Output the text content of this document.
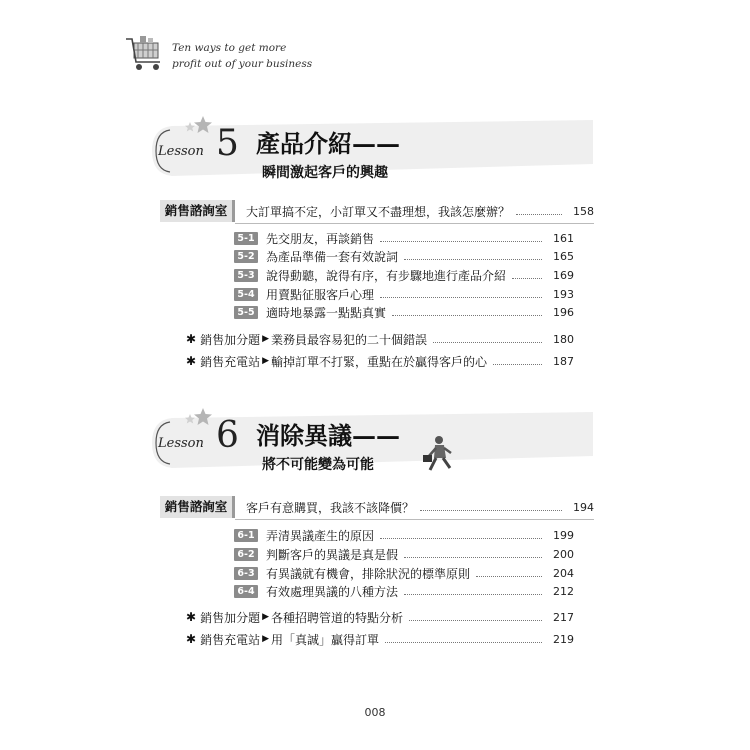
Ten ways to get more
profit out of your business
Lesson 5 產品介紹——
瞬間激起客戶的興趣
銷售諮詢室	大訂單搞不定，小訂單又不盡理想，我該怎麼辦？	158
5-1 先交朋友，再談銷售	161
5-2 為產品準備一套有效說詞	165
5-3 說得動聽，說得有序，有步驟地進行產品介紹	169
5-4 用賣點征服客戶心理	193
5-5 適時地暴露一點點真實	196
✱ 銷售加分題 ▶ 業務員最容易犯的二十個錯誤	180
✱ 銷售充電站 ▶ 輸掉訂單不打緊，重點在於贏得客戶的心	187
Lesson 6 消除異議——
將不可能變為可能
銷售諮詢室	客戶有意購買，我該不該降價？	194
6-1 弄清異議產生的原因	199
6-2 判斷客戶的異議是真是假	200
6-3 有異議就有機會，排除狀況的標準原則	204
6-4 有效處理異議的八種方法	212
✱ 銷售加分題 ▶ 各種招聘管道的特點分析	217
✱ 銷售充電站 ▶ 用「真誠」贏得訂單	219
008
